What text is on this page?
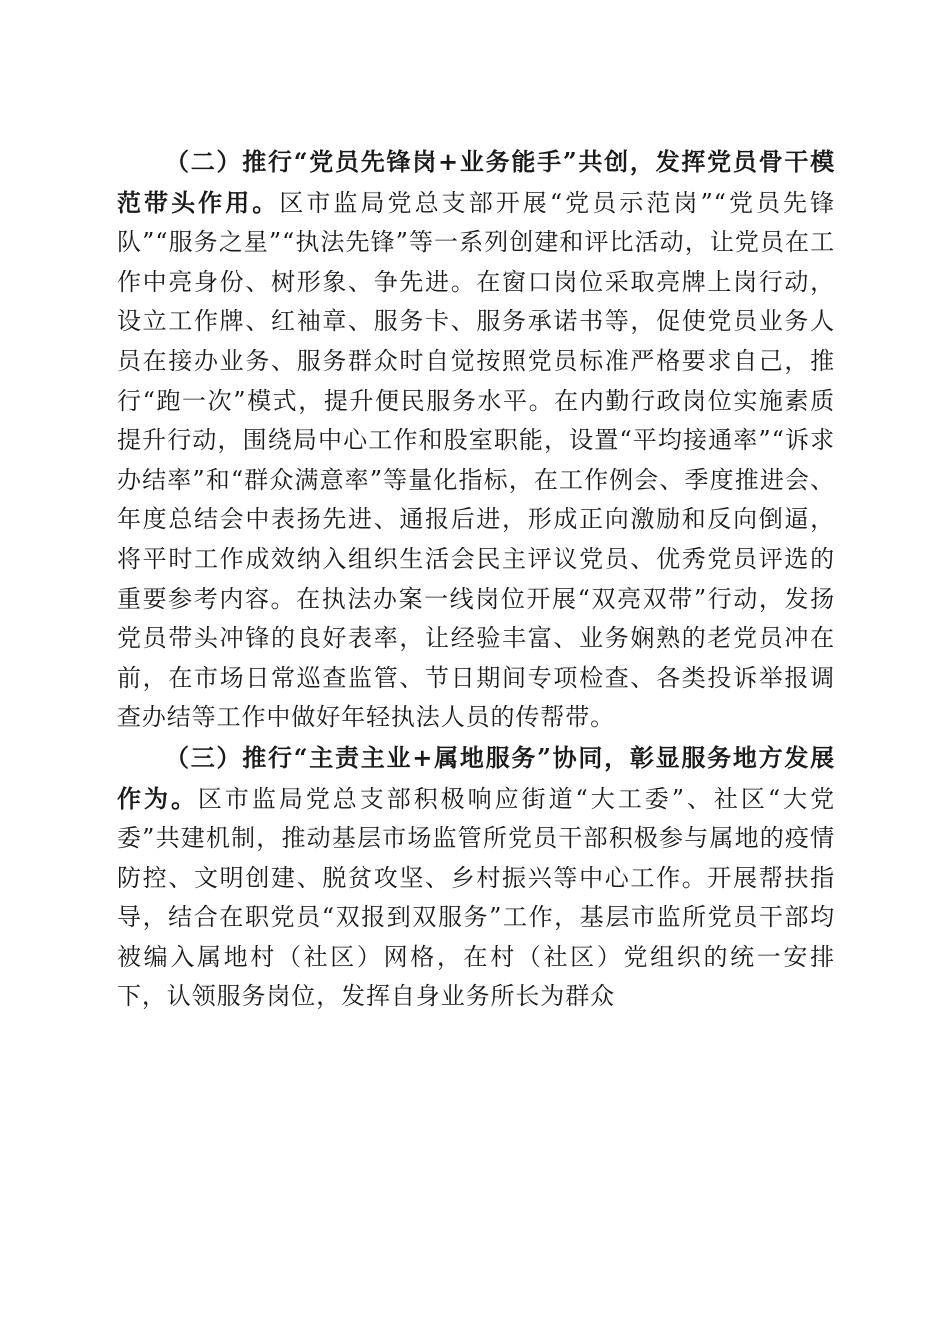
（二）推行“党员先锋岗+业务能手”共创，发挥党员骨干模范带头作用。区市监局党总支部开展“党员示范岗”“党员先锋队”“服务之星”“执法先锋”等一系列创建和评比活动，让党员在工作中亮身份、树形象、争先进。在窗口岗位采取亮牌上岗行动，设立工作牌、红袖章、服务卡、服务承诺书等，促使党员业务人员在接办业务、服务群众时自觉按照党员标准严格要求自己，推行“跑一次”模式，提升便民服务水平。在内勤行政岗位实施素质提升行动，围绕局中心工作和股室职能，设置“平均接通率”“诉求办结率”和“群众满意率”等量化指标，在工作例会、季度推进会、年度总结会中表扬先进、通报后进，形成正向激励和反向倒逼，将平时工作成效纳入组织生活会民主评议党员、优秀党员评选的重要参考内容。在执法办案一线岗位开展“双亮双带”行动，发扬党员带头冲锋的良好表率，让经验丰富、业务娴熟的老党员冲在前，在市场日常巡查监管、节日期间专项检查、各类投诉举报调查办结等工作中做好年轻执法人员的传帮带。

（三）推行“主责主业+属地服务”协同，彰显服务地方发展作为。区市监局党总支部积极响应街道“大工委”、社区“大党委”共建机制，推动基层市场监管所党员干部积极参与属地的疫情防控、文明创建、脱贫攻坚、乡村振兴等中心工作。开展帮扶指导，结合在职党员“双报到双服务”工作，基层市监所党员干部均被编入属地村（社区）网格，在村（社区）党组织的统一安排下，认领服务岗位，发挥自身业务所长为群众
